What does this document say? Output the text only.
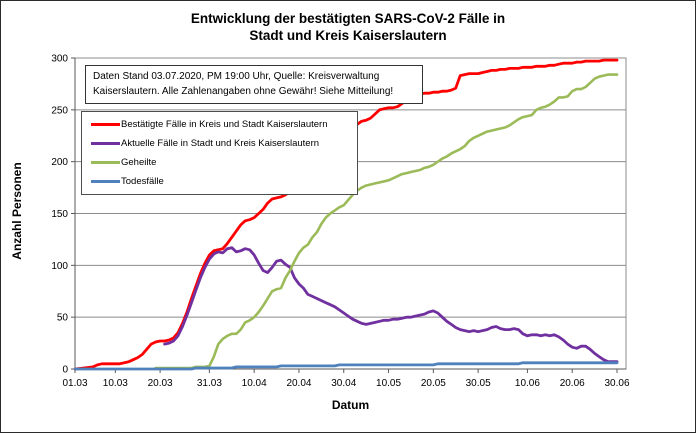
Entwicklung der bestätigten SARS-CoV-2 Fälle in
Stadt und Kreis Kaiserslautern
0
50
100
150
200
250
300
01.03 10.03 20.03 31.03 10.04 20.04 30.04 10.05 20.05 30.05 10.06 20.06 30.06
Anzahl Personen
Datum
Daten Stand 03.07.2020, PM 19:00 Uhr, Quelle: Kreisverwaltung
Kaiserslautern. Alle Zahlenangaben ohne Gewähr! Siehe Mitteilung!
Bestätigte Fälle in Kreis und Stadt Kaiserslautern
Aktuelle Fälle in Stadt und Kreis Kaiserslautern
Geheilte
Todesfälle
